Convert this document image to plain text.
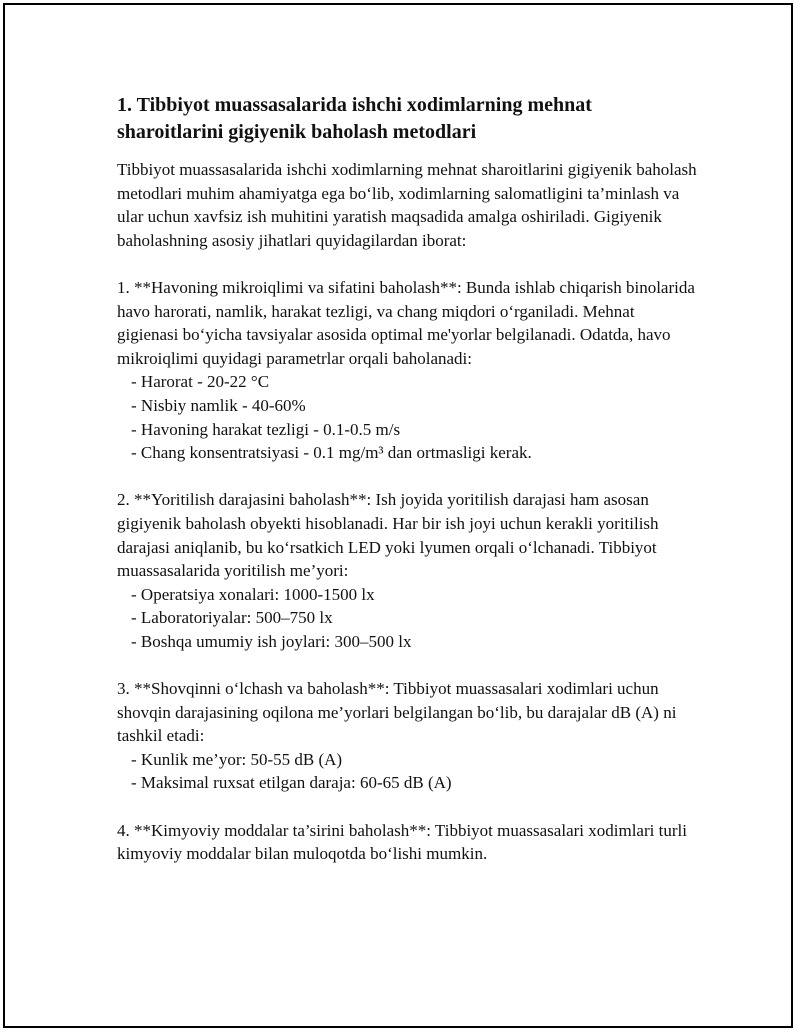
1. Tibbiyot muassasalarida ishchi xodimlarning mehnat sharoitlarini gigiyenik baholash metodlari

Tibbiyot muassasalarida ishchi xodimlarning mehnat sharoitlarini gigiyenik baholash metodlari muhim ahamiyatga ega bo‘lib, xodimlarning salomatligini ta’minlash va ular uchun xavfsiz ish muhitini yaratish maqsadida amalga oshiriladi. Gigiyenik baholashning asosiy jihatlari quyidagilardan iborat:

1. **Havoning mikroiqlimi va sifatini baholash**: Bunda ishlab chiqarish binolarida havo harorati, namlik, harakat tezligi, va chang miqdori o‘rganiladi. Mehnat gigienasi bo‘yicha tavsiyalar asosida optimal me'yorlar belgilanadi. Odatda, havo mikroiqlimi quyidagi parametrlar orqali baholanadi:

- Harorat - 20-22 °C
- Nisbiy namlik - 40-60%
- Havoning harakat tezligi - 0.1-0.5 m/s
- Chang konsentratsiyasi - 0.1 mg/m³ dan ortmasligi kerak.

2. **Yoritilish darajasini baholash**: Ish joyida yoritilish darajasi ham asosan gigiyenik baholash obyekti hisoblanadi. Har bir ish joyi uchun kerakli yoritilish darajasi aniqlanib, bu ko‘rsatkich LED yoki lyumen orqali o‘lchanadi. Tibbiyot muassasalarida yoritilish me’yori:

- Operatsiya xonalari: 1000-1500 lx
- Laboratoriyalar: 500–750 lx
- Boshqa umumiy ish joylari: 300–500 lx

3. **Shovqinni o‘lchash va baholash**: Tibbiyot muassasalari xodimlari uchun shovqin darajasining oqilona me’yorlari belgilangan bo‘lib, bu darajalar dB (A) ni tashkil etadi:

- Kunlik me’yor: 50-55 dB (A)
- Maksimal ruxsat etilgan daraja: 60-65 dB (A)

4. **Kimyoviy moddalar ta’sirini baholash**: Tibbiyot muassasalari xodimlari turli kimyoviy moddalar bilan muloqotda bo‘lishi mumkin.
